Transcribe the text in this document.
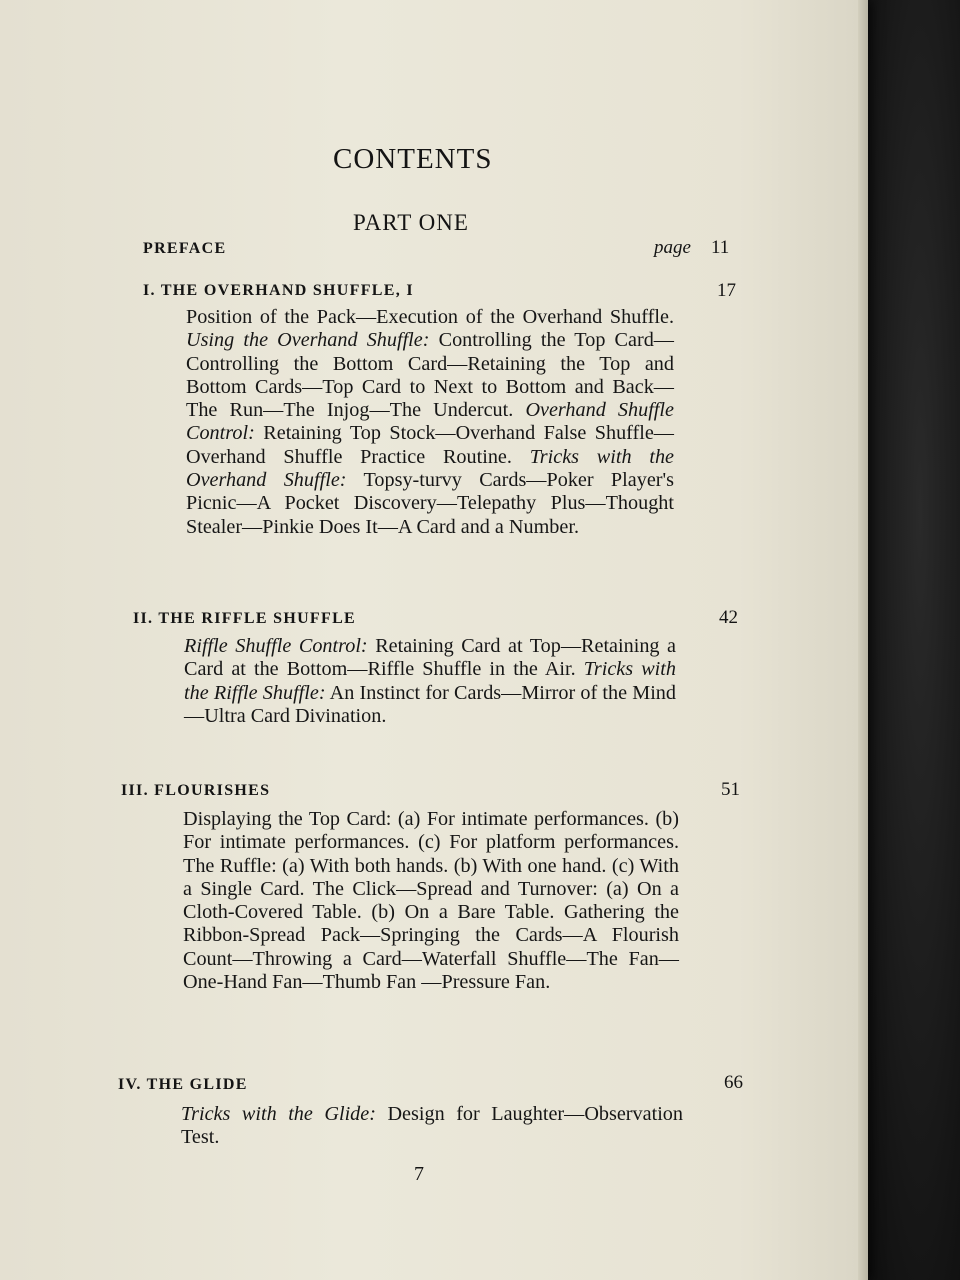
CONTENTS
PART ONE
PREFACE	page 11
I. THE OVERHAND SHUFFLE, I	17
Position of the Pack—Execution of the Overhand Shuffle. Using the Overhand Shuffle: Controlling the Top Card—Controlling the Bottom Card—Retaining the Top and Bottom Cards—Top Card to Next to Bottom and Back—The Run—The Injog—The Undercut. Overhand Shuffle Control: Retaining Top Stock—Overhand False Shuffle—Overhand Shuffle Practice Routine. Tricks with the Overhand Shuffle: Topsy-turvy Cards—Poker Player's Picnic—A Pocket Discovery—Telepathy Plus—Thought Stealer—Pinkie Does It—A Card and a Number.
II. THE RIFFLE SHUFFLE	42
Riffle Shuffle Control: Retaining Card at Top—Retaining a Card at the Bottom—Riffle Shuffle in the Air. Tricks with the Riffle Shuffle: An Instinct for Cards—Mirror of the Mind—Ultra Card Divination.
III. FLOURISHES	51
Displaying the Top Card: (a) For intimate performances. (b) For intimate performances. (c) For platform performances. The Ruffle: (a) With both hands. (b) With one hand. (c) With a Single Card. The Click—Spread and Turnover: (a) On a Cloth-Covered Table. (b) On a Bare Table. Gathering the Ribbon-Spread Pack—Springing the Cards—A Flourish Count—Throwing a Card—Waterfall Shuffle—The Fan—One-Hand Fan—Thumb Fan —Pressure Fan.
IV. THE GLIDE	66
Tricks with the Glide: Design for Laughter—Observation Test.
7
